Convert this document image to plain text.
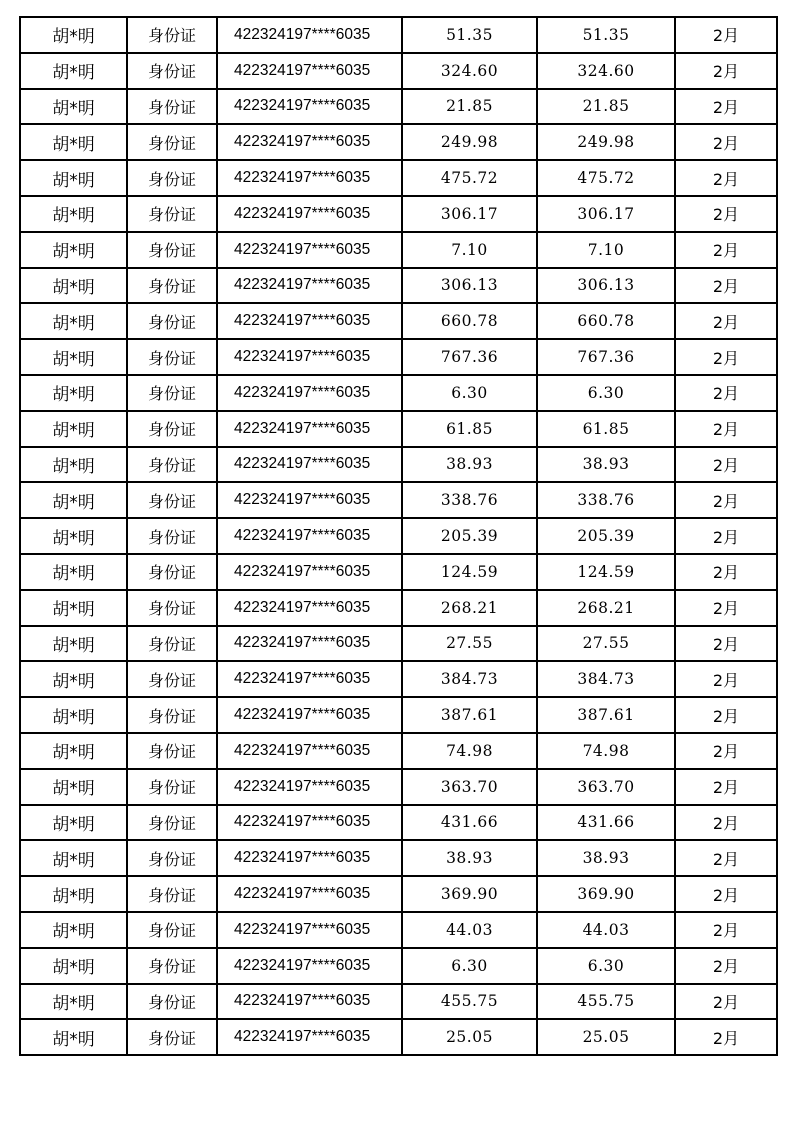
胡*明	身份证	422324197****6035	51.35	51.35	2月
胡*明	身份证	422324197****6035	324.60	324.60	2月
胡*明	身份证	422324197****6035	21.85	21.85	2月
胡*明	身份证	422324197****6035	249.98	249.98	2月
胡*明	身份证	422324197****6035	475.72	475.72	2月
胡*明	身份证	422324197****6035	306.17	306.17	2月
胡*明	身份证	422324197****6035	7.10	7.10	2月
胡*明	身份证	422324197****6035	306.13	306.13	2月
胡*明	身份证	422324197****6035	660.78	660.78	2月
胡*明	身份证	422324197****6035	767.36	767.36	2月
胡*明	身份证	422324197****6035	6.30	6.30	2月
胡*明	身份证	422324197****6035	61.85	61.85	2月
胡*明	身份证	422324197****6035	38.93	38.93	2月
胡*明	身份证	422324197****6035	338.76	338.76	2月
胡*明	身份证	422324197****6035	205.39	205.39	2月
胡*明	身份证	422324197****6035	124.59	124.59	2月
胡*明	身份证	422324197****6035	268.21	268.21	2月
胡*明	身份证	422324197****6035	27.55	27.55	2月
胡*明	身份证	422324197****6035	384.73	384.73	2月
胡*明	身份证	422324197****6035	387.61	387.61	2月
胡*明	身份证	422324197****6035	74.98	74.98	2月
胡*明	身份证	422324197****6035	363.70	363.70	2月
胡*明	身份证	422324197****6035	431.66	431.66	2月
胡*明	身份证	422324197****6035	38.93	38.93	2月
胡*明	身份证	422324197****6035	369.90	369.90	2月
胡*明	身份证	422324197****6035	44.03	44.03	2月
胡*明	身份证	422324197****6035	6.30	6.30	2月
胡*明	身份证	422324197****6035	455.75	455.75	2月
胡*明	身份证	422324197****6035	25.05	25.05	2月
